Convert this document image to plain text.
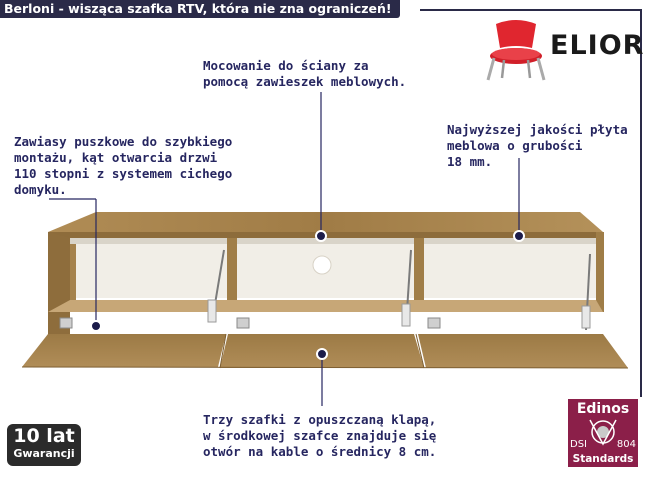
Berloni - wisząca szafka RTV, która nie zna ograniczeń!
ELIOR
Mocowanie do ściany za
pomocą zawieszek meblowych.
Zawiasy puszkowe do szybkiego
montażu, kąt otwarcia drzwi
110 stopni z systemem cichego
domyku.
Najwyższej jakości płyta
meblowa o grubości
18 mm.
Trzy szafki z opuszczaną klapą,
w środkowej szafce znajduje się
otwór na kable o średnicy 8 cm.
10 lat
Gwarancji
Edinos
DSI	804
Standards
